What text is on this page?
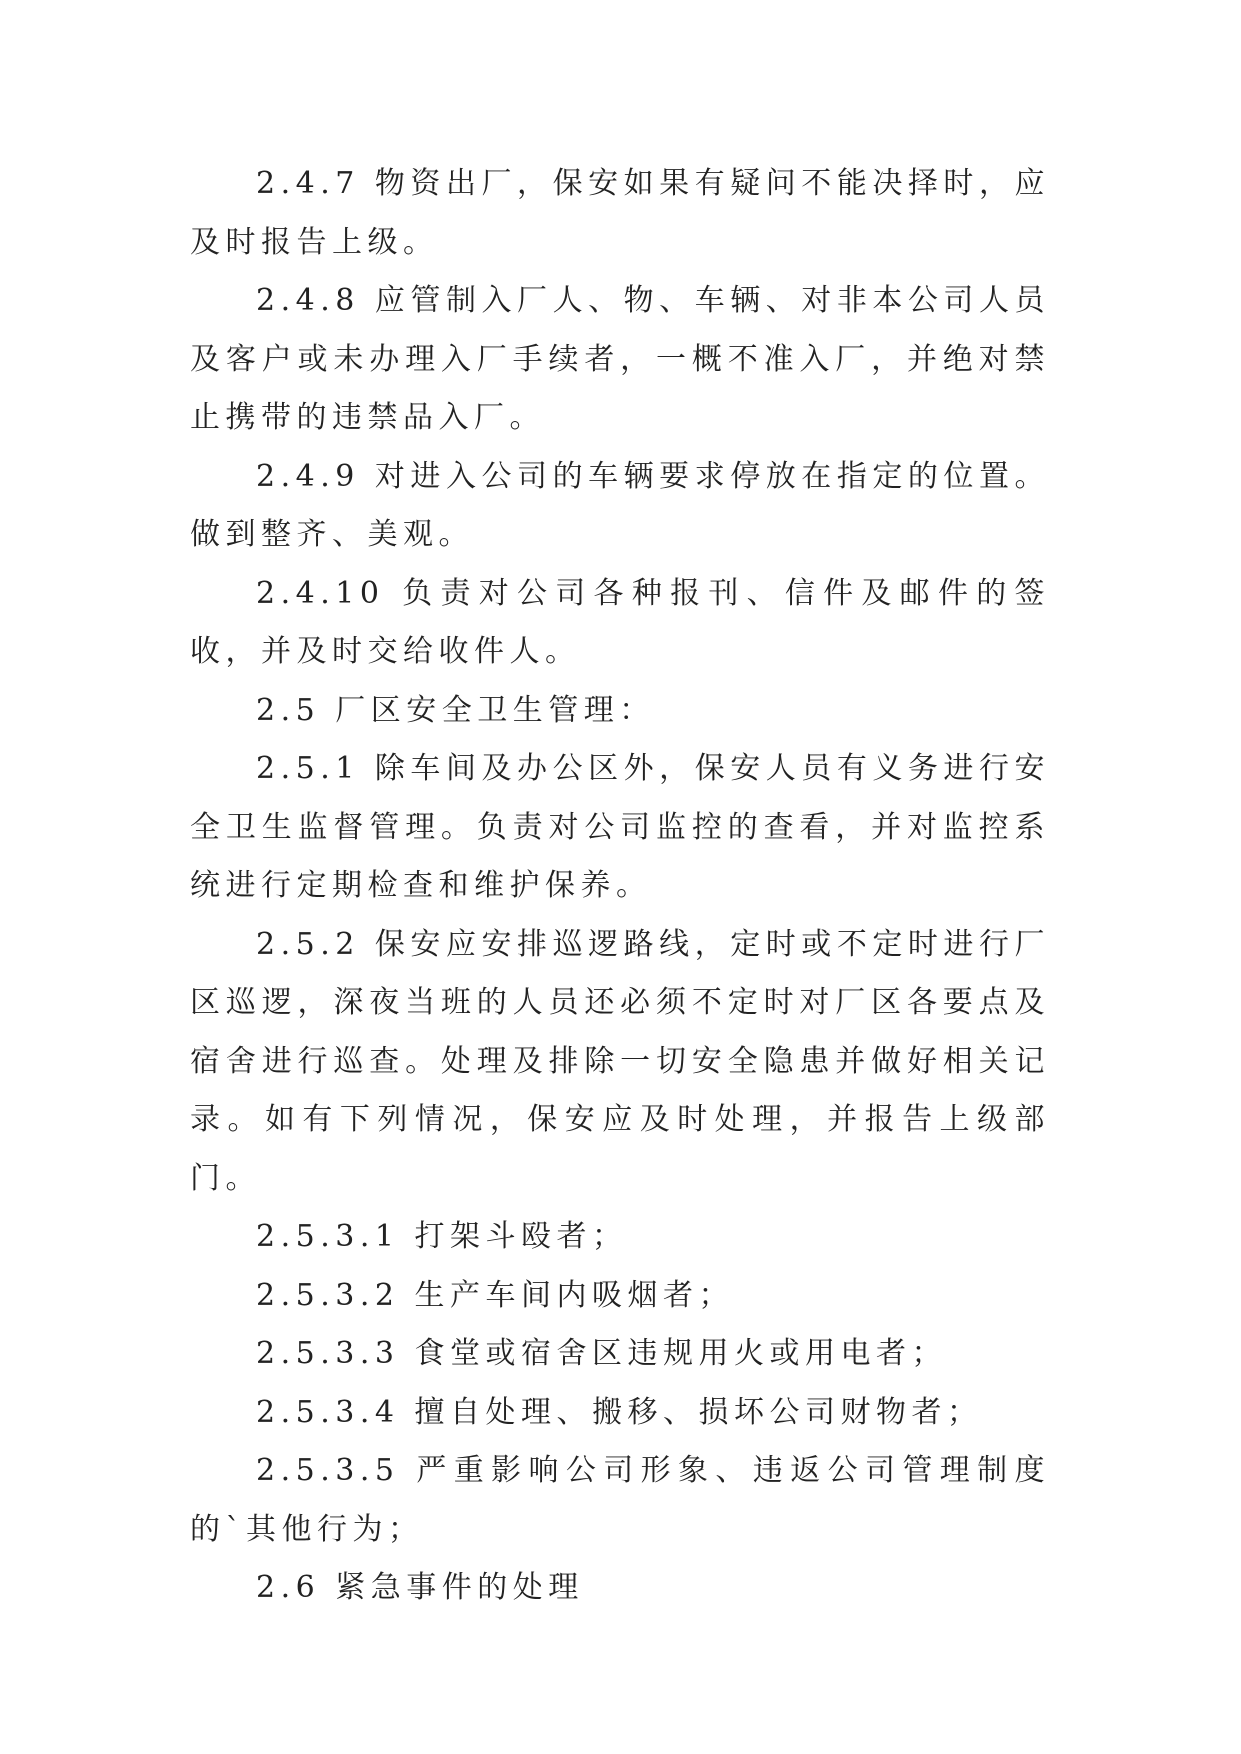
2.4.7 物资出厂，保安如果有疑问不能决择时，应及时报告上级。

2.4.8 应管制入厂人、物、车辆、对非本公司人员及客户或未办理入厂手续者，一概不准入厂，并绝对禁止携带的违禁品入厂。

2.4.9 对进入公司的车辆要求停放在指定的位置。做到整齐、美观。

2.4.10 负责对公司各种报刊、信件及邮件的签收，并及时交给收件人。

2.5 厂区安全卫生管理：

2.5.1 除车间及办公区外，保安人员有义务进行安全卫生监督管理。负责对公司监控的查看，并对监控系统进行定期检查和维护保养。

2.5.2 保安应安排巡逻路线，定时或不定时进行厂区巡逻，深夜当班的人员还必须不定时对厂区各要点及宿舍进行巡查。处理及排除一切安全隐患并做好相关记录。如有下列情况，保安应及时处理，并报告上级部门。

2.5.3.1 打架斗殴者；

2.5.3.2 生产车间内吸烟者；

2.5.3.3 食堂或宿舍区违规用火或用电者；

2.5.3.4 擅自处理、搬移、损坏公司财物者；

2.5.3.5 严重影响公司形象、违返公司管理制度的`其他行为；

2.6 紧急事件的处理
